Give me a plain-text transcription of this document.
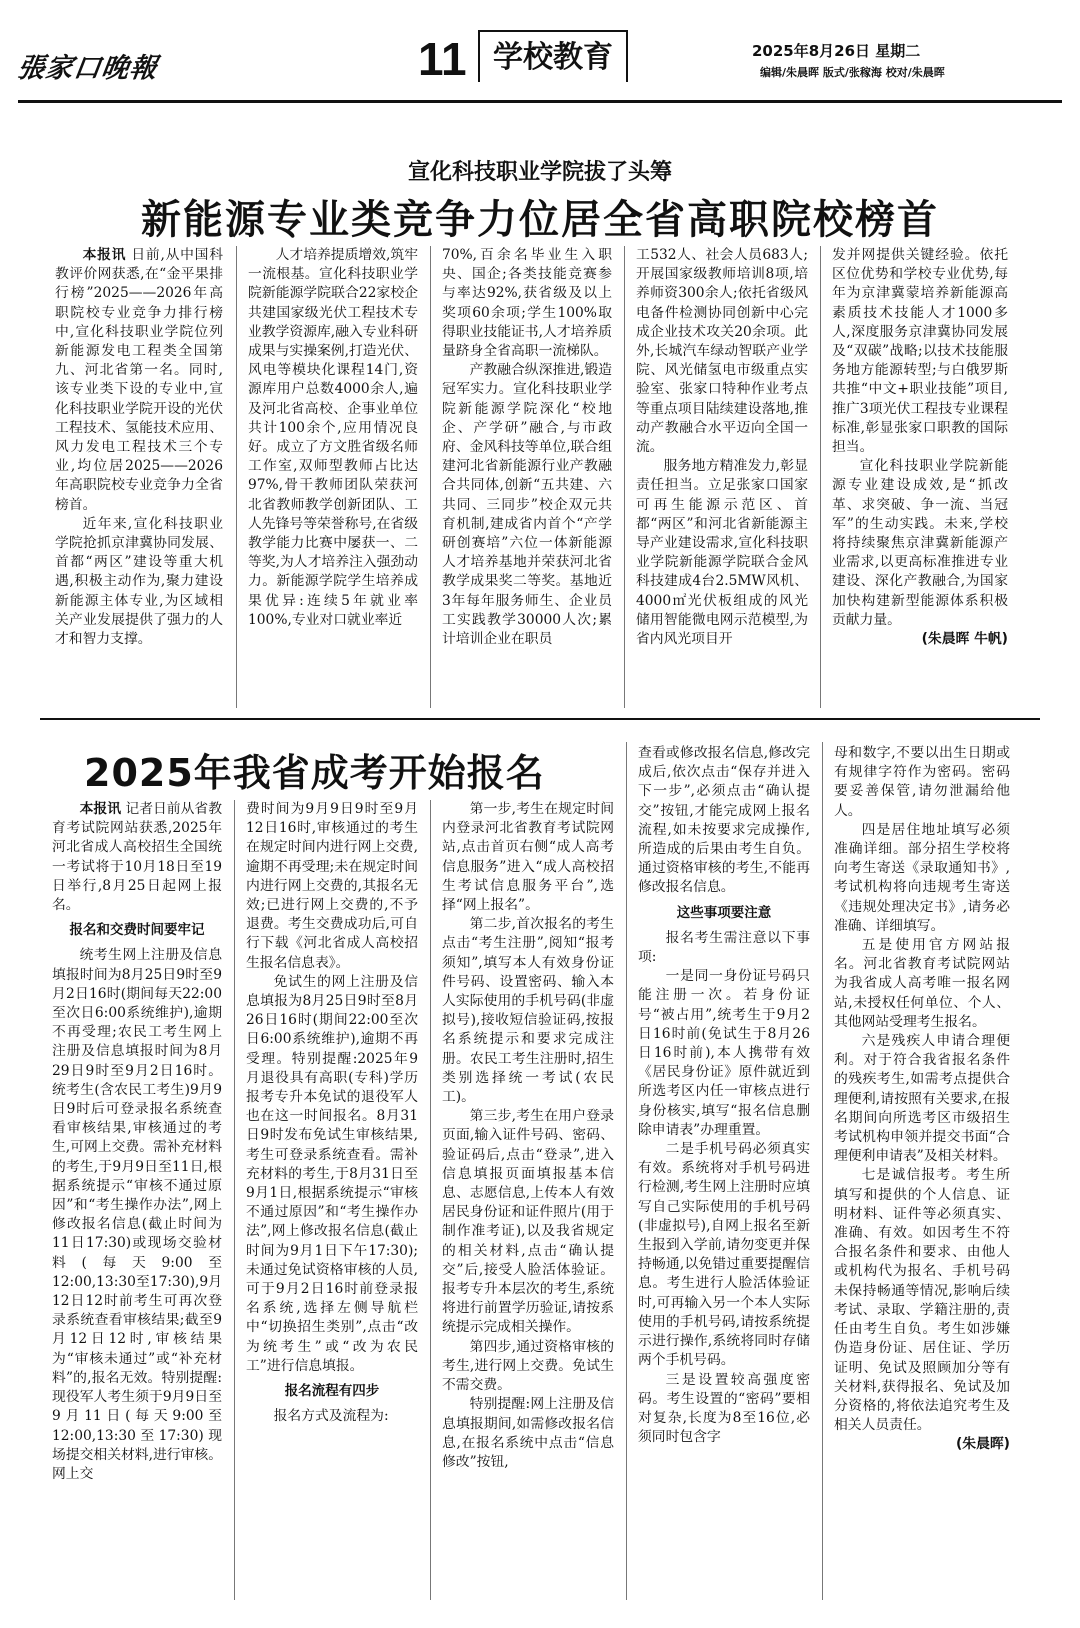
張家口晚報	11 学校教育	2025年8月26日 星期二
编辑/朱晨晖 版式/张稼海 校对/朱晨晖
宣化科技职业学院拔了头筹
新能源专业类竞争力位居全省高职院校榜首

本报讯 日前,从中国科教评价网获悉,在“金平果排行榜”2025——2026年高职院校专业竞争力排行榜中,宣化科技职业学院位列新能源发电工程类全国第九、河北省第一名。同时,该专业类下设的专业中,宣化科技职业学院开设的光伏工程技术、氢能技术应用、风力发电工程技术三个专业,均位居2025——2026年高职院校专业竞争力全省榜首。

近年来,宣化科技职业学院抢抓京津冀协同发展、首都“两区”建设等重大机遇,积极主动作为,聚力建设新能源主体专业,为区域相关产业发展提供了强力的人才和智力支撑。

人才培养提质增效,筑牢一流根基。宣化科技职业学院新能源学院联合22家校企共建国家级光伏工程技术专业教学资源库,融入专业科研成果与实操案例,打造光伏、风电等模块化课程14门,资源库用户总数4000余人,遍及河北省高校、企事业单位共计100余个,应用情况良好。成立了方文胜省级名师工作室,双师型教师占比达97%,骨干教师团队荣获河北省教师教学创新团队、工人先锋号等荣誉称号,在省级教学能力比赛中屡获一、二等奖,为人才培养注入强劲动力。新能源学院学生培养成果优异:连续5年就业率100%,专业对口就业率近

70%,百余名毕业生入职央、国企;各类技能竞赛参与率达92%,获省级及以上奖项60余项;学生100%取得职业技能证书,人才培养质量跻身全省高职一流梯队。

产教融合纵深推进,锻造冠军实力。宣化科技职业学院新能源学院深化“校地企、产学研”融合,与市政府、金风科技等单位,联合组建河北省新能源行业产教融合共同体,创新“五共建、六共同、三同步”校企双元共育机制,建成省内首个“产学研创赛培”六位一体新能源人才培养基地并荣获河北省教学成果奖二等奖。基地近3年每年服务师生、企业员工实践教学30000人次;累计培训企业在职员

工532人、社会人员683人;开展国家级教师培训8项,培养师资300余人;依托省级风电备件检测协同创新中心完成企业技术攻关20余项。此外,长城汽车绿动智联产业学院、风光储氢电市级重点实验室、张家口特种作业考点等重点项目陆续建设落地,推动产教融合水平迈向全国一流。

服务地方精准发力,彰显责任担当。立足张家口国家可再生能源示范区、首都“两区”和河北省新能源主导产业建设需求,宣化科技职业学院新能源学院联合金风科技建成4台2.5MW风机、4000㎡光伏板组成的风光储用智能微电网示范模型,为省内风光项目开

发并网提供关键经验。依托区位优势和学校专业优势,每年为京津冀蒙培养新能源高素质技术技能人才1000多人,深度服务京津冀协同发展及“双碳”战略;以技术技能服务地方能源转型;与白俄罗斯共推“中文+职业技能”项目,推广3项光伏工程技专业课程标准,彰显张家口职教的国际担当。

宣化科技职业学院新能源专业建设成效,是“抓改革、求突破、争一流、当冠军”的生动实践。未来,学校将持续聚焦京津冀新能源产业需求,以更高标准推进专业建设、深化产教融合,为国家加快构建新型能源体系积极贡献力量。

(朱晨晖 牛帆)

2025年我省成考开始报名

本报讯 记者日前从省教育考试院网站获悉,2025年河北省成人高校招生全国统一考试将于10月18日至19日举行,8月25日起网上报名。

报名和交费时间要牢记

统考生网上注册及信息填报时间为8月25日9时至9月2日16时(期间每天22:00至次日6:00系统维护),逾期不再受理;农民工考生网上注册及信息填报时间为8月29日9时至9月2日16时。统考生(含农民工考生)9月9日9时后可登录报名系统查看审核结果,审核通过的考生,可网上交费。需补充材料的考生,于9月9日至11日,根据系统提示“审核不通过原因”和“考生操作办法”,网上修改报名信息(截止时间为11日17:30)或现场交验材料(每天9:00至12:00,13:30至17:30),9月12日12时前考生可再次登录系统查看审核结果;截至9月12日12时,审核结果为“审核未通过”或“补充材料”的,报名无效。特别提醒:现役军人考生须于9月9日至9月11日(每天9:00至12:00,13:30至17:30)现场提交相关材料,进行审核。网上交

费时间为9月9日9时至9月12日16时,审核通过的考生在规定时间内进行网上交费,逾期不再受理;未在规定时间内进行网上交费的,其报名无效;已进行网上交费的,不予退费。考生交费成功后,可自行下载《河北省成人高校招生报名信息表》。

免试生的网上注册及信息填报为8月25日9时至8月26日16时(期间22:00至次日6:00系统维护),逾期不再受理。特别提醒:2025年9月退役具有高职(专科)学历报考专升本免试的退役军人也在这一时间报名。8月31日9时发布免试生审核结果,考生可登录系统查看。需补充材料的考生,于8月31日至9月1日,根据系统提示“审核不通过原因”和“考生操作办法”,网上修改报名信息(截止时间为9月1日下午17:30);未通过免试资格审核的人员,可于9月2日16时前登录报名系统,选择左侧导航栏中“切换招生类别”,点击“改为统考生”或“改为农民工”进行信息填报。

报名流程有四步

报名方式及流程为:

第一步,考生在规定时间内登录河北省教育考试院网站,点击首页右侧“成人高考信息服务”进入“成人高校招生考试信息服务平台”,选择“网上报名”。

第二步,首次报名的考生点击“考生注册”,阅知“报考须知”,填写本人有效身份证件号码、设置密码、输入本人实际使用的手机号码(非虚拟号),接收短信验证码,按报名系统提示和要求完成注册。农民工考生注册时,招生类别选择统一考试(农民工)。

第三步,考生在用户登录页面,输入证件号码、密码、验证码后,点击“登录”,进入信息填报页面填报基本信息、志愿信息,上传本人有效居民身份证和证件照片(用于制作准考证),以及我省规定的相关材料,点击“确认提交”后,接受人脸活体验证。报考专升本层次的考生,系统将进行前置学历验证,请按系统提示完成相关操作。

第四步,通过资格审核的考生,进行网上交费。免试生不需交费。

特别提醒:网上注册及信息填报期间,如需修改报名信息,在报名系统中点击“信息修改”按钮,

查看或修改报名信息,修改完成后,依次点击“保存并进入下一步”,必须点击“确认提交”按钮,才能完成网上报名流程,如未按要求完成操作,所造成的后果由考生自负。通过资格审核的考生,不能再修改报名信息。

这些事项要注意

报名考生需注意以下事项:

一是同一身份证号码只能注册一次。若身份证号“被占用”,统考生于9月2日16时前(免试生于8月26日16时前),本人携带有效《居民身份证》原件就近到所选考区内任一审核点进行身份核实,填写“报名信息删除申请表”办理重置。

二是手机号码必须真实有效。系统将对手机号码进行检测,考生网上注册时应填写自己实际使用的手机号码(非虚拟号),自网上报名至新生报到入学前,请勿变更并保持畅通,以免错过重要提醒信息。考生进行人脸活体验证时,可再输入另一个本人实际使用的手机号码,请按系统提示进行操作,系统将同时存储两个手机号码。

三是设置较高强度密码。考生设置的“密码”要相对复杂,长度为8至16位,必须同时包含字

母和数字,不要以出生日期或有规律字符作为密码。密码要妥善保管,请勿泄漏给他人。

四是居住地址填写必须准确详细。部分招生学校将向考生寄送《录取通知书》,考试机构将向违规考生寄送《违规处理决定书》,请务必准确、详细填写。

五是使用官方网站报名。河北省教育考试院网站为我省成人高考唯一报名网站,未授权任何单位、个人、其他网站受理考生报名。

六是残疾人申请合理便利。对于符合我省报名条件的残疾考生,如需考点提供合理便利,请按照有关要求,在报名期间向所选考区市级招生考试机构申领并提交书面“合理便利申请表”及相关材料。

七是诚信报考。考生所填写和提供的个人信息、证明材料、证件等必须真实、准确、有效。如因考生不符合报名条件和要求、由他人或机构代为报名、手机号码未保持畅通等情况,影响后续考试、录取、学籍注册的,责任由考生自负。考生如涉嫌伪造身份证、居住证、学历证明、免试及照顾加分等有关材料,获得报名、免试及加分资格的,将依法追究考生及相关人员责任。

(朱晨晖)
